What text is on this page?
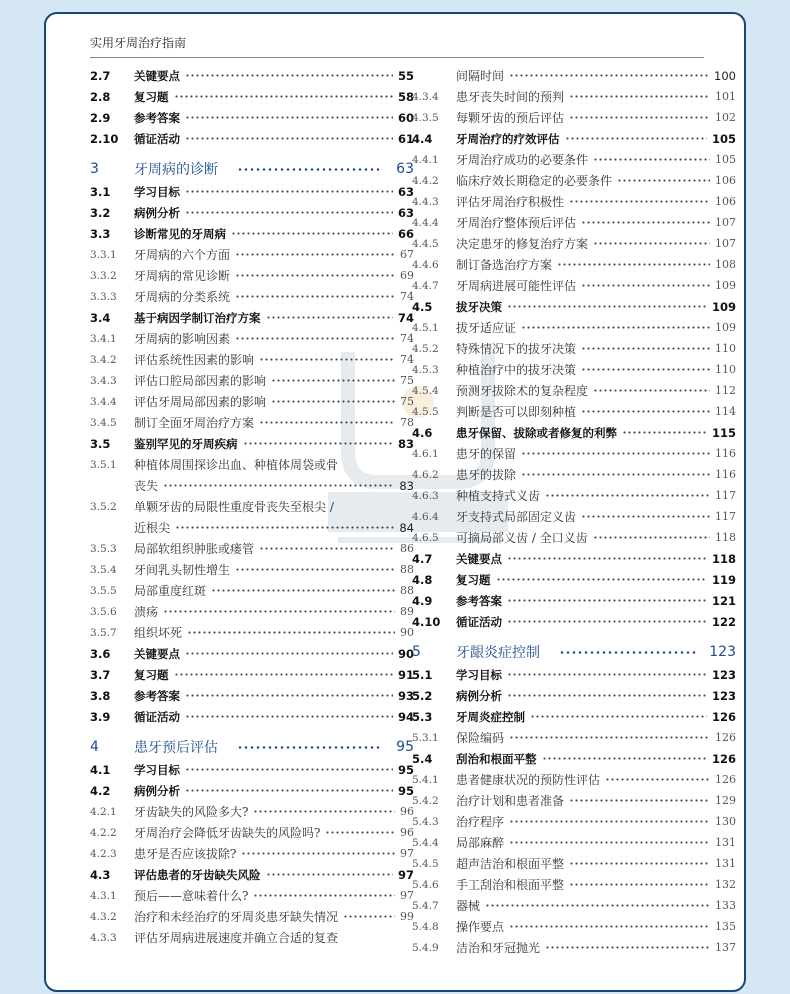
实用牙周治疗指南
2.7	关键要点	55
2.8	复习题	58
2.9	参考答案	60
2.10	循证活动	61
3	牙周病的诊断	63
3.1	学习目标	63
3.2	病例分析	63
3.3	诊断常见的牙周病	66
3.3.1	牙周病的六个方面	67
3.3.2	牙周病的常见诊断	69
3.3.3	牙周病的分类系统	74
3.4	基于病因学制订治疗方案	74
3.4.1	牙周病的影响因素	74
3.4.2	评估系统性因素的影响	74
3.4.3	评估口腔局部因素的影响	75
3.4.4	评估牙周局部因素的影响	75
3.4.5	制订全面牙周治疗方案	78
3.5	鉴别罕见的牙周疾病	83
3.5.1	种植体周围探诊出血、种植体周袋或骨
丧失	83
3.5.2	单颗牙齿的局限性重度骨丧失至根尖 /
近根尖	84
3.5.3	局部软组织肿胀或瘘管	86
3.5.4	牙间乳头韧性增生	88
3.5.5	局部重度红斑	88
3.5.6	溃疡	89
3.5.7	组织坏死	90
3.6	关键要点	90
3.7	复习题	91
3.8	参考答案	93
3.9	循证活动	94
4	患牙预后评估	95
4.1	学习目标	95
4.2	病例分析	95
4.2.1	牙齿缺失的风险多大?	96
4.2.2	牙周治疗会降低牙齿缺失的风险吗?	96
4.2.3	患牙是否应该拔除?	97
4.3	评估患者的牙齿缺失风险	97
4.3.1	预后——意味着什么?	97
4.3.2	治疗和未经治疗的牙周炎患牙缺失情况	99
4.3.3	评估牙周病进展速度并确立合适的复查
间隔时间	100
4.3.4	患牙丧失时间的预判	101
4.3.5	每颗牙齿的预后评估	102
4.4	牙周治疗的疗效评估	105
4.4.1	牙周治疗成功的必要条件	105
4.4.2	临床疗效长期稳定的必要条件	106
4.4.3	评估牙周治疗积极性	106
4.4.4	牙周治疗整体预后评估	107
4.4.5	决定患牙的修复治疗方案	107
4.4.6	制订备选治疗方案	108
4.4.7	牙周病进展可能性评估	109
4.5	拔牙决策	109
4.5.1	拔牙适应证	109
4.5.2	特殊情况下的拔牙决策	110
4.5.3	种植治疗中的拔牙决策	110
4.5.4	预测牙拔除术的复杂程度	112
4.5.5	判断是否可以即刻种植	114
4.6	患牙保留、拔除或者修复的利弊	115
4.6.1	患牙的保留	116
4.6.2	患牙的拔除	116
4.6.3	种植支持式义齿	117
4.6.4	牙支持式局部固定义齿	117
4.6.5	可摘局部义齿 / 全口义齿	118
4.7	关键要点	118
4.8	复习题	119
4.9	参考答案	121
4.10	循证活动	122
5	牙龈炎症控制	123
5.1	学习目标	123
5.2	病例分析	123
5.3	牙周炎症控制	126
5.3.1	保险编码	126
5.4	刮治和根面平整	126
5.4.1	患者健康状况的预防性评估	126
5.4.2	治疗计划和患者准备	129
5.4.3	治疗程序	130
5.4.4	局部麻醉	131
5.4.5	超声洁治和根面平整	131
5.4.6	手工刮治和根面平整	132
5.4.7	器械	133
5.4.8	操作要点	135
5.4.9	洁治和牙冠抛光	137
